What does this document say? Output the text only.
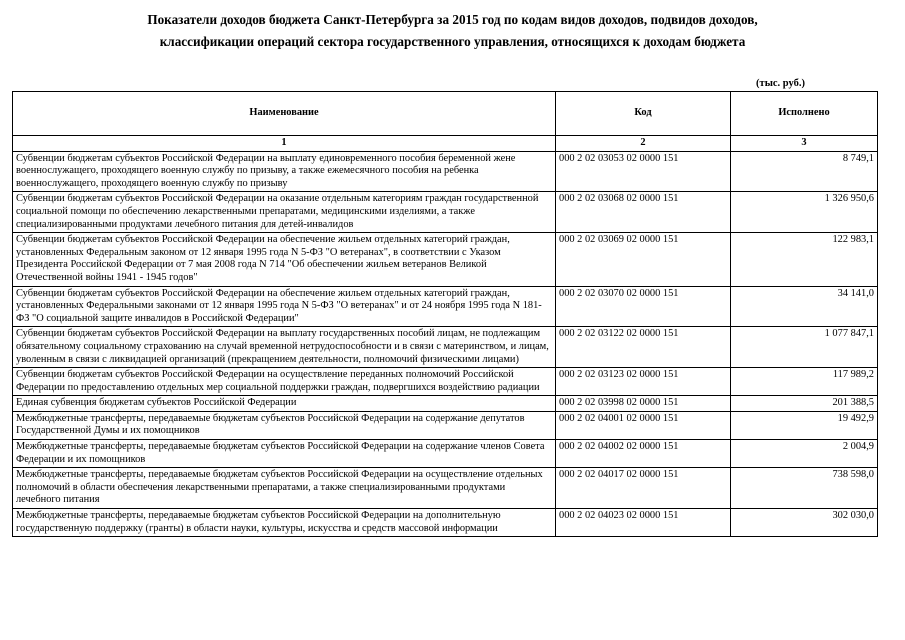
Показатели доходов бюджета Санкт-Петербурга за 2015 год по кодам видов доходов, подвидов доходов,
классификации операций сектора государственного управления, относящихся к доходам бюджета
(тыс. руб.)
Наименование	Код	Исполнено
1	2	3
Субвенции бюджетам субъектов Российской Федерации на выплату единовременного пособия беременной жене военнослужащего, проходящего военную службу по призыву, а также ежемесячного пособия на ребенка военнослужащего, проходящего военную службу по призыву	000 2 02 03053 02 0000 151	8 749,1
Субвенции бюджетам субъектов Российской Федерации на оказание отдельным категориям граждан государственной социальной помощи по обеспечению лекарственными препаратами, медицинскими изделиями, а также специализированными продуктами лечебного питания для детей-инвалидов	000 2 02 03068 02 0000 151	1 326 950,6
Субвенции бюджетам субъектов Российской Федерации на обеспечение жильем отдельных категорий граждан, установленных Федеральным законом от 12 января 1995 года N 5-ФЗ "О ветеранах", в соответствии с Указом Президента Российской Федерации от 7 мая 2008 года N 714 "Об обеспечении жильем ветеранов Великой Отечественной войны 1941 - 1945 годов"	000 2 02 03069 02 0000 151	122 983,1
Субвенции бюджетам субъектов Российской Федерации на обеспечение жильем отдельных категорий граждан, установленных Федеральными законами от 12 января 1995 года N 5-ФЗ "О ветеранах" и от 24 ноября 1995 года N 181-ФЗ "О социальной защите инвалидов в Российской Федерации"	000 2 02 03070 02 0000 151	34 141,0
Субвенции бюджетам субъектов Российской Федерации на выплату государственных пособий лицам, не подлежащим обязательному социальному страхованию на случай временной нетрудоспособности и в связи с материнством, и лицам, уволенным в связи с ликвидацией организаций (прекращением деятельности, полномочий физическими лицами)	000 2 02 03122 02 0000 151	1 077 847,1
Субвенции бюджетам субъектов Российской Федерации на осуществление переданных полномочий Российской Федерации по предоставлению отдельных мер социальной поддержки граждан, подвергшихся воздействию радиации	000 2 02 03123 02 0000 151	117 989,2
Единая субвенция бюджетам субъектов Российской Федерации	000 2 02 03998 02 0000 151	201 388,5
Межбюджетные трансферты, передаваемые бюджетам субъектов Российской Федерации на содержание депутатов Государственной Думы и их помощников	000 2 02 04001 02 0000 151	19 492,9
Межбюджетные трансферты, передаваемые бюджетам субъектов Российской Федерации на содержание членов Совета Федерации и их помощников	000 2 02 04002 02 0000 151	2 004,9
Межбюджетные трансферты, передаваемые бюджетам субъектов Российской Федерации на осуществление отдельных полномочий в области обеспечения лекарственными препаратами, а также специализированными продуктами лечебного питания	000 2 02 04017 02 0000 151	738 598,0
Межбюджетные трансферты, передаваемые бюджетам субъектов Российской Федерации на дополнительную государственную поддержку (гранты) в области науки, культуры, искусства и средств массовой информации	000 2 02 04023 02 0000 151	302 030,0
